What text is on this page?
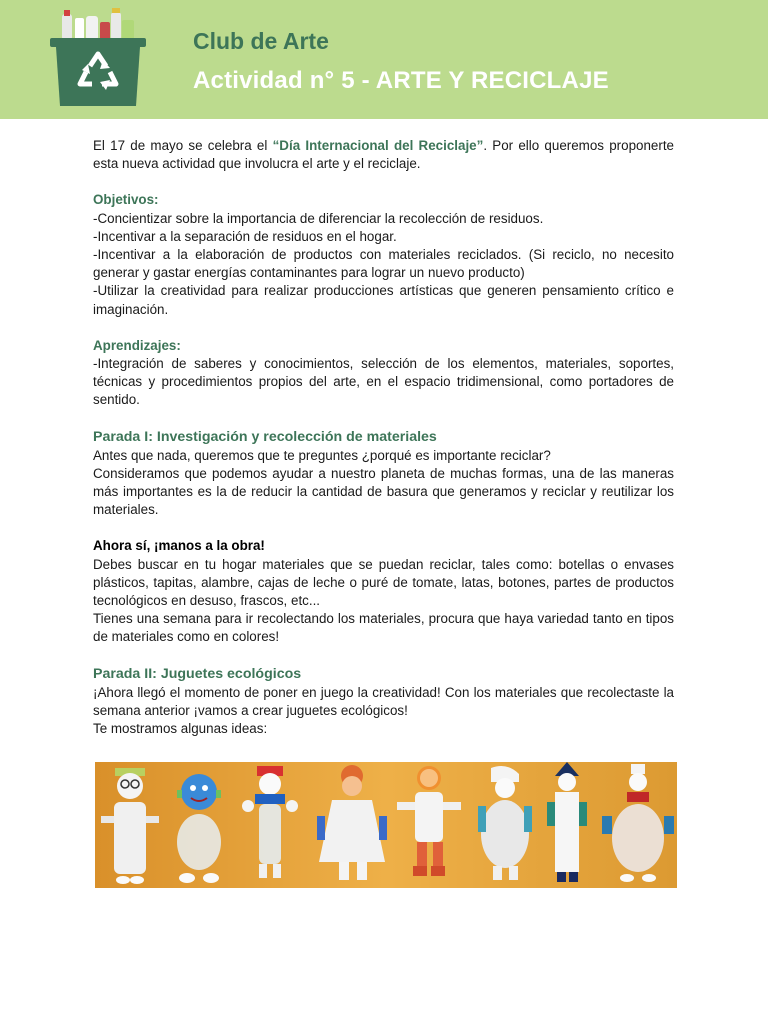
Club de Arte
Actividad n° 5 - ARTE Y RECICLAJE

El 17 de mayo se celebra el “Día Internacional del Reciclaje”. Por ello queremos proponerte esta nueva actividad que involucra el arte y el reciclaje.

Objetivos:

-Concientizar sobre la importancia de diferenciar la recolección de residuos.

-Incentivar a la separación de residuos en el hogar.

-Incentivar a la elaboración de productos con materiales reciclados. (Si reciclo, no necesito generar y gastar energías contaminantes para lograr un nuevo producto)

-Utilizar la creatividad para realizar producciones artísticas que generen pensamiento crítico e imaginación.

Aprendizajes:

-Integración de saberes y conocimientos, selección de los elementos, materiales, soportes, técnicas y procedimientos propios del arte, en el espacio tridimensional, como portadores de sentido.

Parada I: Investigación y recolección de materiales

Antes que nada, queremos que te preguntes ¿porqué es importante reciclar?

Consideramos que podemos ayudar a nuestro planeta de muchas formas, una de las maneras más importantes es la de reducir la cantidad de basura que generamos y reciclar y reutilizar los materiales.

Ahora sí, ¡manos a la obra!

Debes buscar en tu hogar materiales que se puedan reciclar, tales como: botellas o envases plásticos, tapitas, alambre, cajas de leche o puré de tomate, latas, botones, partes de productos tecnológicos en desuso, frascos, etc...

Tienes una semana para ir recolectando los materiales, procura que haya variedad tanto en tipos de materiales como en colores!

Parada II: Juguetes ecológicos

¡Ahora llegó el momento de poner en juego la creatividad! Con los materiales que recolectaste la semana anterior ¡vamos a crear juguetes ecológicos!

Te mostramos algunas ideas:
